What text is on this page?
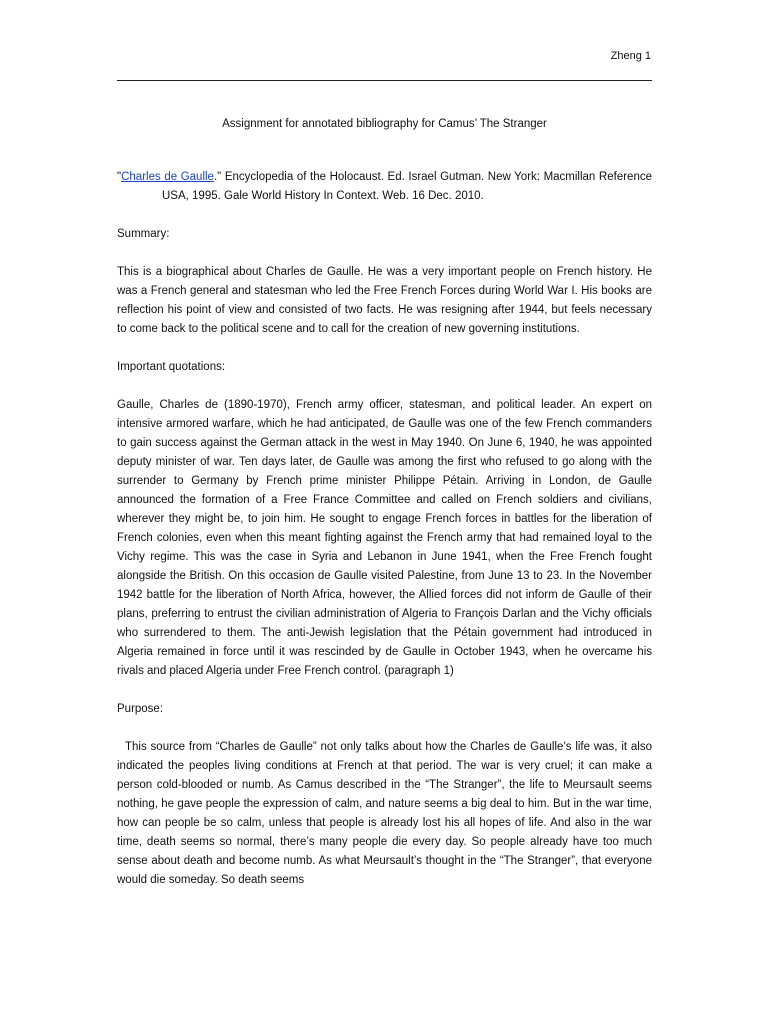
Zheng 1

Assignment for annotated bibliography for Camus’ The Stranger

"Charles de Gaulle." Encyclopedia of the Holocaust. Ed. Israel Gutman. New York: Macmillan Reference USA, 1995. Gale World History In Context. Web. 16 Dec. 2010.

Summary:

This is a biographical about Charles de Gaulle. He was a very important people on French history. He was a French general and statesman who led the Free French Forces during World War I. His books are reflection his point of view and consisted of two facts. He was resigning after 1944, but feels necessary to come back to the political scene and to call for the creation of new governing institutions.

Important quotations:

Gaulle, Charles de (1890-1970), French army officer, statesman, and political leader. An expert on intensive armored warfare, which he had anticipated, de Gaulle was one of the few French commanders to gain success against the German attack in the west in May 1940. On June 6, 1940, he was appointed deputy minister of war. Ten days later, de Gaulle was among the first who refused to go along with the surrender to Germany by French prime minister Philippe Pétain. Arriving in London, de Gaulle announced the formation of a Free France Committee and called on French soldiers and civilians, wherever they might be, to join him. He sought to engage French forces in battles for the liberation of French colonies, even when this meant fighting against the French army that had remained loyal to the Vichy regime. This was the case in Syria and Lebanon in June 1941, when the Free French fought alongside the British. On this occasion de Gaulle visited Palestine, from June 13 to 23. In the November 1942 battle for the liberation of North Africa, however, the Allied forces did not inform de Gaulle of their plans, preferring to entrust the civilian administration of Algeria to François Darlan and the Vichy officials who surrendered to them. The anti-Jewish legislation that the Pétain government had introduced in Algeria remained in force until it was rescinded by de Gaulle in October 1943, when he overcame his rivals and placed Algeria under Free French control. (paragraph 1)

Purpose:

This source from “Charles de Gaulle” not only talks about how the Charles de Gaulle’s life was, it also indicated the peoples living conditions at French at that period. The war is very cruel; it can make a person cold-blooded or numb. As Camus described in the “The Stranger”, the life to Meursault seems nothing, he gave people the expression of calm, and nature seems a big deal to him. But in the war time, how can people be so calm, unless that people is already lost his all hopes of life. And also in the war time, death seems so normal, there’s many people die every day. So people already have too much sense about death and become numb. As what Meursault’s thought in the “The Stranger”, that everyone would die someday. So death seems
